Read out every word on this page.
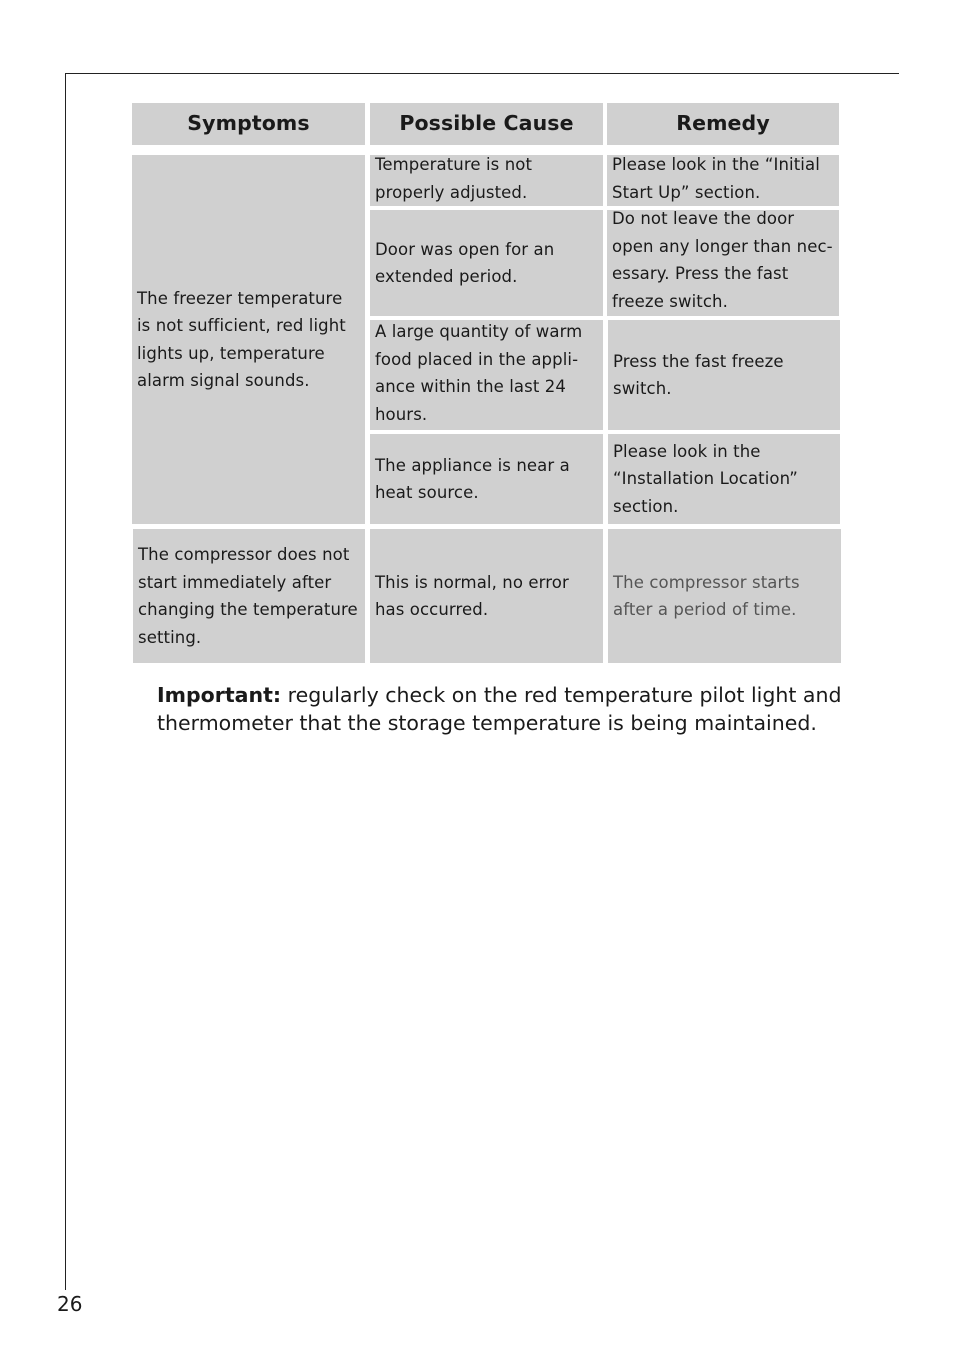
Symptoms	Possible Cause	Remedy
The freezer temperature is not sufficient, red light lights up, temperature alarm signal sounds.
Temperature is not properly adjusted.
Door was open for an extended period.
A large quantity of warm food placed in the appli-ance within the last 24 hours.
The appliance is near a heat source.
Please look in the “Initial Start Up” section.
Do not leave the door open any longer than nec-essary. Press the fast freeze switch.
Press the fast freeze switch.
Please look in the “Installation Location” section.
The compressor does not start immediately after changing the temperature setting.
This is normal, no error has occurred.
The compressor starts after a period of time.

Important: regularly check on the red temperature pilot light and thermometer that the storage temperature is being maintained.

26
